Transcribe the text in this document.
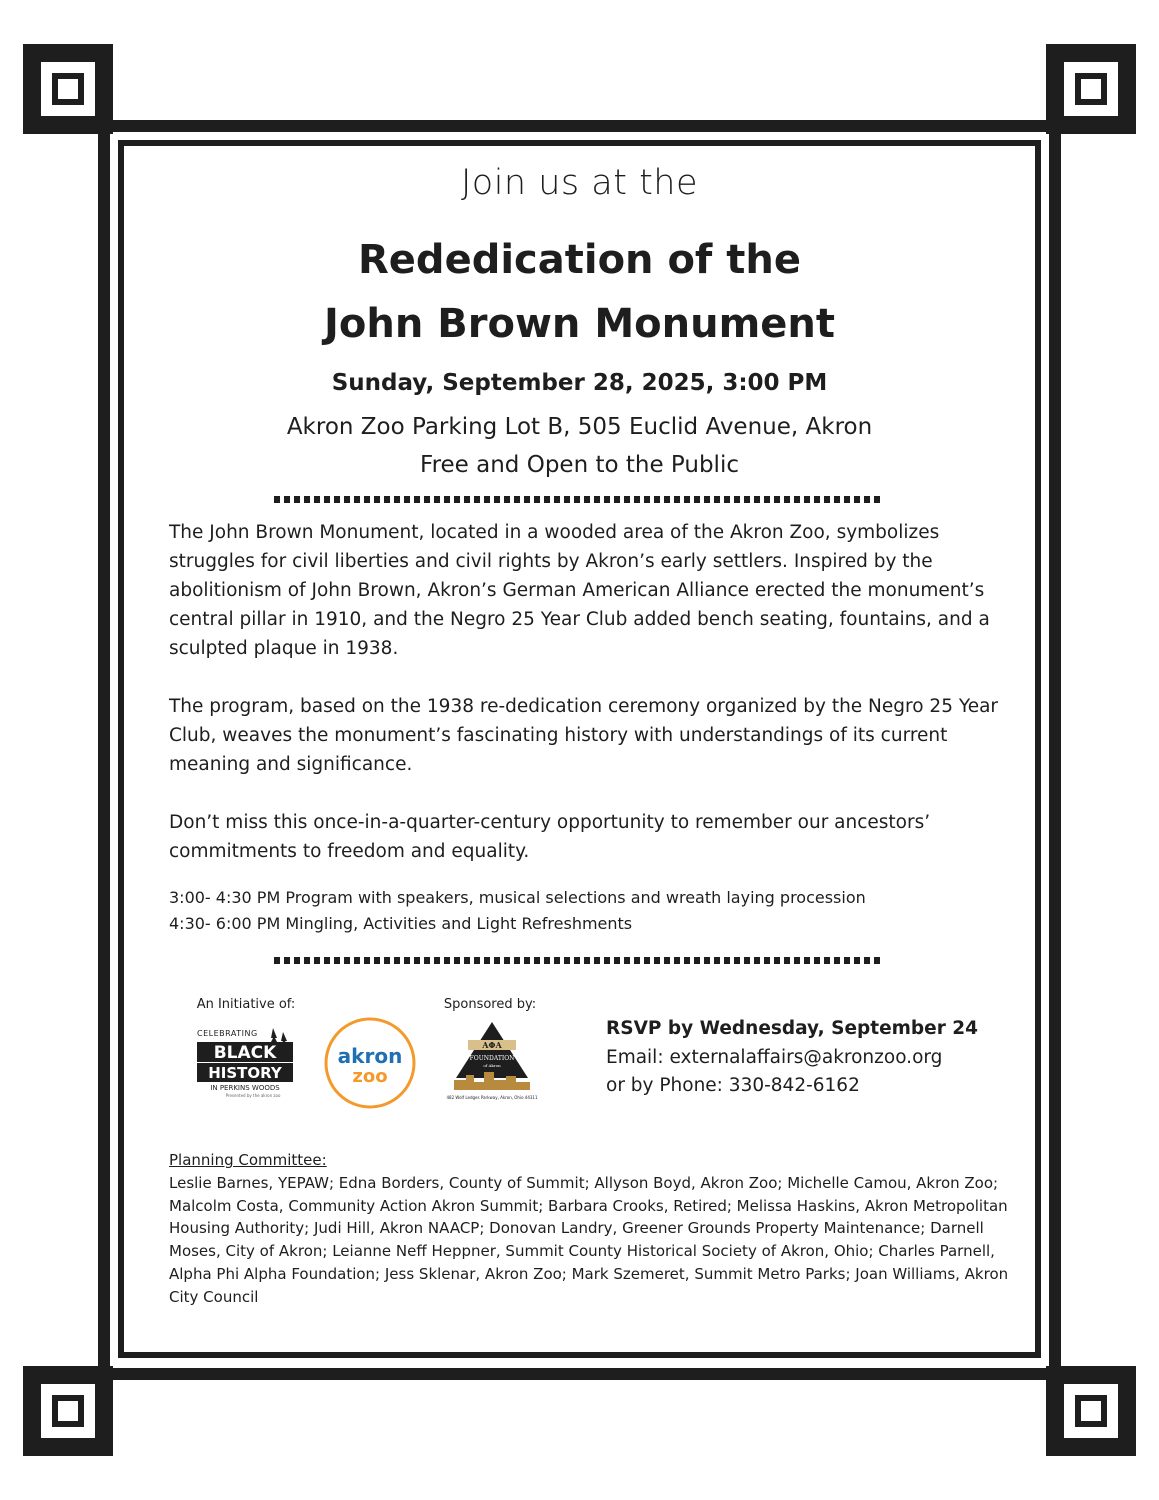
Join us at the
Rededication of the
John Brown Monument
Sunday, September 28, 2025, 3:00 PM
Akron Zoo Parking Lot B, 505 Euclid Avenue, Akron
Free and Open to the Public
The John Brown Monument, located in a wooded area of the Akron Zoo, symbolizes struggles for civil liberties and civil rights by Akron’s early settlers. Inspired by the abolitionism of John Brown, Akron’s German American Alliance erected the monument’s central pillar in 1910, and the Negro 25 Year Club added bench seating, fountains, and a sculpted plaque in 1938.
The program, based on the 1938 re-dedication ceremony organized by the Negro 25 Year Club, weaves the monument’s fascinating history with understandings of its current meaning and significance.
Don’t miss this once-in-a-quarter-century opportunity to remember our ancestors’ commitments to freedom and equality.
3:00- 4:30 PM Program with speakers, musical selections and wreath laying procession
4:30- 6:00 PM Mingling, Activities and Light Refreshments
An Initiative of:	Sponsored by:
CELEBRATING
BLACK
HISTORY
IN PERKINS WOODS
Presented by the akron zoo
akron
zoo
ΑΦΑ
FOUNDATION
of Akron
482 Wolf Ledges Parkway, Akron, Ohio 44311
RSVP by Wednesday, September 24
Email: externalaffairs@akronzoo.org
or by Phone: 330-842-6162
Planning Committee:
Leslie Barnes, YEPAW; Edna Borders, County of Summit; Allyson Boyd, Akron Zoo; Michelle Camou, Akron Zoo; Malcolm Costa, Community Action Akron Summit; Barbara Crooks, Retired; Melissa Haskins, Akron Metropolitan Housing Authority; Judi Hill, Akron NAACP; Donovan Landry, Greener Grounds Property Maintenance; Darnell Moses, City of Akron; Leianne Neff Heppner, Summit County Historical Society of Akron, Ohio; Charles Parnell, Alpha Phi Alpha Foundation; Jess Sklenar, Akron Zoo; Mark Szemeret, Summit Metro Parks; Joan Williams, Akron City Council
